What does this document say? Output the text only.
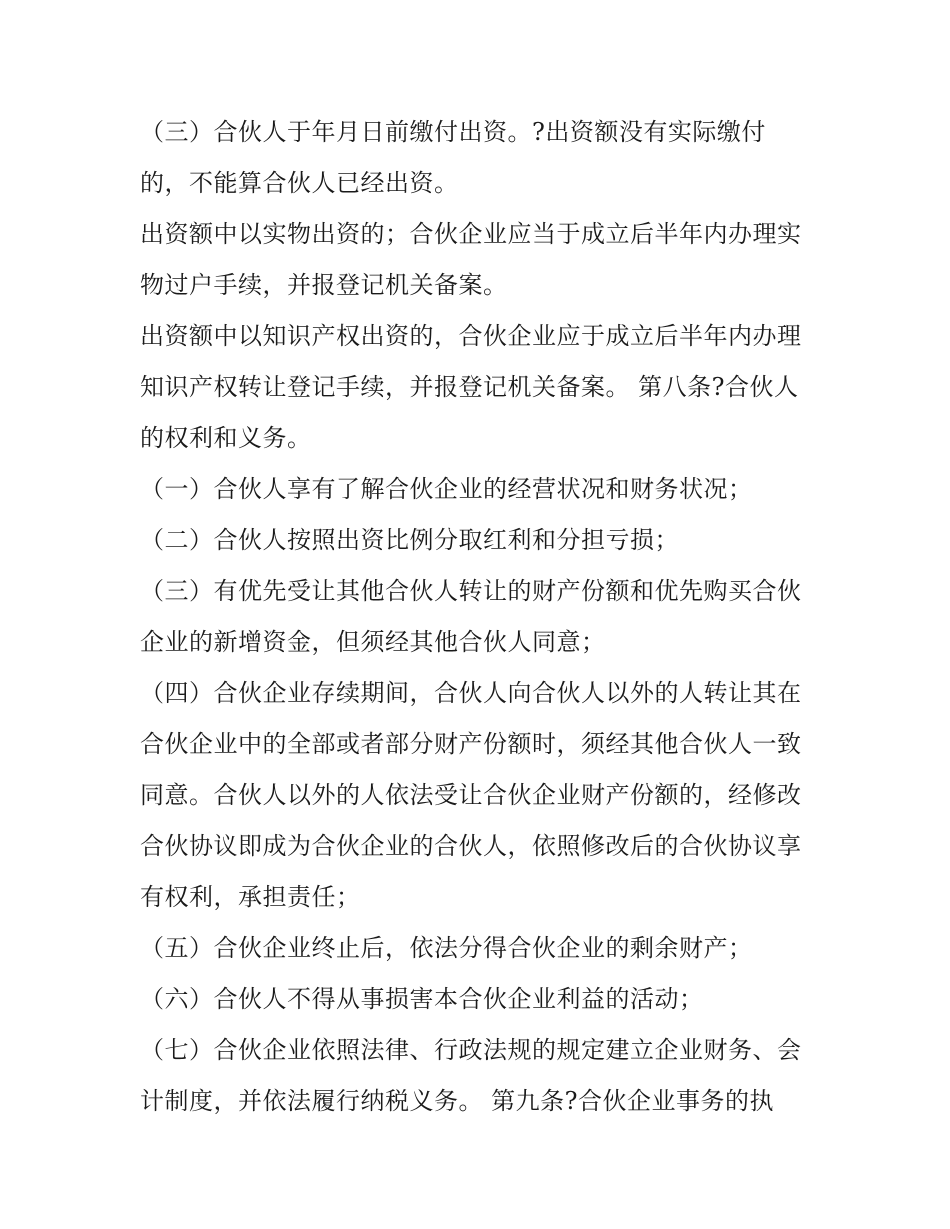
（三）合伙人于年月日前缴付出资。?出资额没有实际缴付
的，不能算合伙人已经出资。
出资额中以实物出资的；合伙企业应当于成立后半年内办理实
物过户手续，并报登记机关备案。
出资额中以知识产权出资的，合伙企业应于成立后半年内办理
知识产权转让登记手续，并报登记机关备案。 第八条?合伙人
的权利和义务。
（一）合伙人享有了解合伙企业的经营状况和财务状况；
（二）合伙人按照出资比例分取红利和分担亏损；
（三）有优先受让其他合伙人转让的财产份额和优先购买合伙
企业的新增资金，但须经其他合伙人同意；
（四）合伙企业存续期间，合伙人向合伙人以外的人转让其在
合伙企业中的全部或者部分财产份额时，须经其他合伙人一致
同意。合伙人以外的人依法受让合伙企业财产份额的，经修改
合伙协议即成为合伙企业的合伙人，依照修改后的合伙协议享
有权利，承担责任；
（五）合伙企业终止后，依法分得合伙企业的剩余财产；
（六）合伙人不得从事损害本合伙企业利益的活动；
（七）合伙企业依照法律、行政法规的规定建立企业财务、会
计制度，并依法履行纳税义务。 第九条?合伙企业事务的执
